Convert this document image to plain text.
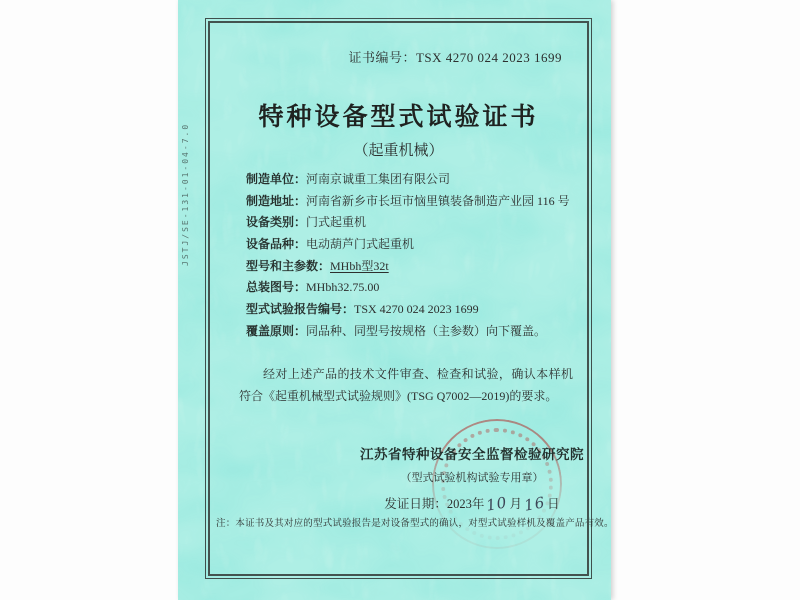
JSTJ/SE-131-01-04-7.0
证书编号：TSX 4270 024 2023 1699
特种设备型式试验证书
（起重机械）
制造单位：河南京诚重工集团有限公司
制造地址：河南省新乡市长垣市恼里镇装备制造产业园 116 号
设备类别：门式起重机
设备品种：电动葫芦门式起重机
型号和主参数：MHbh型32t
总装图号：MHbh32.75.00
型式试验报告编号：TSX 4270 024 2023 1699
覆盖原则：同品种、同型号按规格（主参数）向下覆盖。

经对上述产品的技术文件审查、检查和试验，确认本样机符合《起重机械型式试验规则》(TSG Q7002—2019)的要求。

江苏省特种设备安全监督检验研究院
（型式试验机构试验专用章）
发证日期：2023年10月16日
注：本证书及其对应的型式试验报告是对设备型式的确认，对型式试验样机及覆盖产品有效。
